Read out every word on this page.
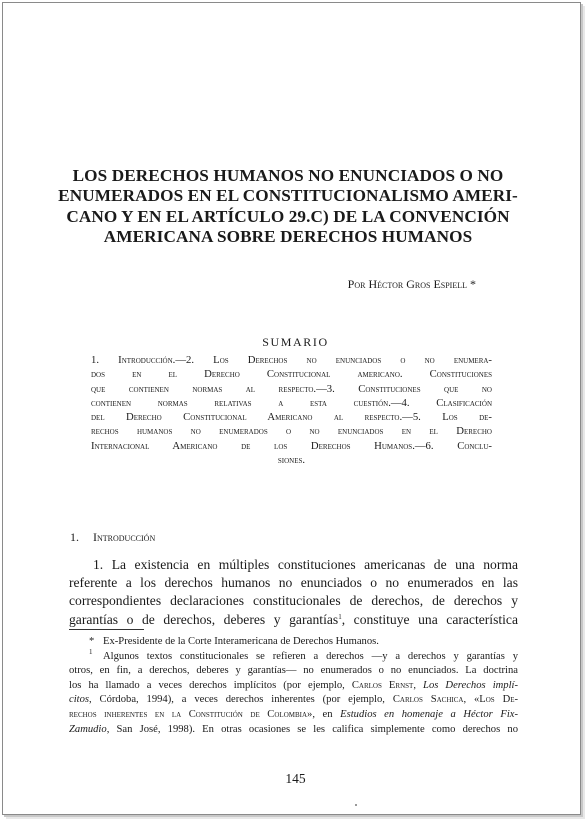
LOS DERECHOS HUMANOS NO ENUNCIADOS O NO
ENUMERADOS EN EL CONSTITUCIONALISMO AMERI-
CANO Y EN EL ARTÍCULO 29.C) DE LA CONVENCIÓN
AMERICANA SOBRE DERECHOS HUMANOS
Por Héctor Gros Espiell *
SUMARIO
1. Introducción.—2. Los Derechos no enunciados o no enumera-
dos en el Derecho Constitucional americano. Constituciones
que contienen normas al respecto.—3. Constituciones que no
contienen normas relativas a esta cuestión.—4. Clasificación
del Derecho Constitucional Americano al respecto.—5. Los de-
rechos humanos no enumerados o no enunciados en el Derecho
Internacional Americano de los Derechos Humanos.—6. Conclu-
siones.
1. Introducción
1. La existencia en múltiples constituciones americanas de una norma
referente a los derechos humanos no enunciados o no enumerados en las
correspondientes declaraciones constitucionales de derechos, de derechos y
garantías o de derechos, deberes y garantías$^1$, constituye una característica
* Ex-Presidente de la Corte Interamericana de Derechos Humanos.
$^1$ Algunos textos constitucionales se refieren a derechos —y a derechos y garantías y
otros, en fin, a derechos, deberes y garantías— no enumerados o no enunciados. La doctrina
los ha llamado a veces derechos implícitos (por ejemplo, Carlos Ernst, Los Derechos implí-
citos, Córdoba, 1994), a veces derechos inherentes (por ejemplo, Carlos Sachica, «Los De-
rechos inherentes en la Constitución de Colombia», en Estudios en homenaje a Héctor Fix-
Zamudio, San José, 1998). En otras ocasiones se les califica simplemente como derechos no
145
